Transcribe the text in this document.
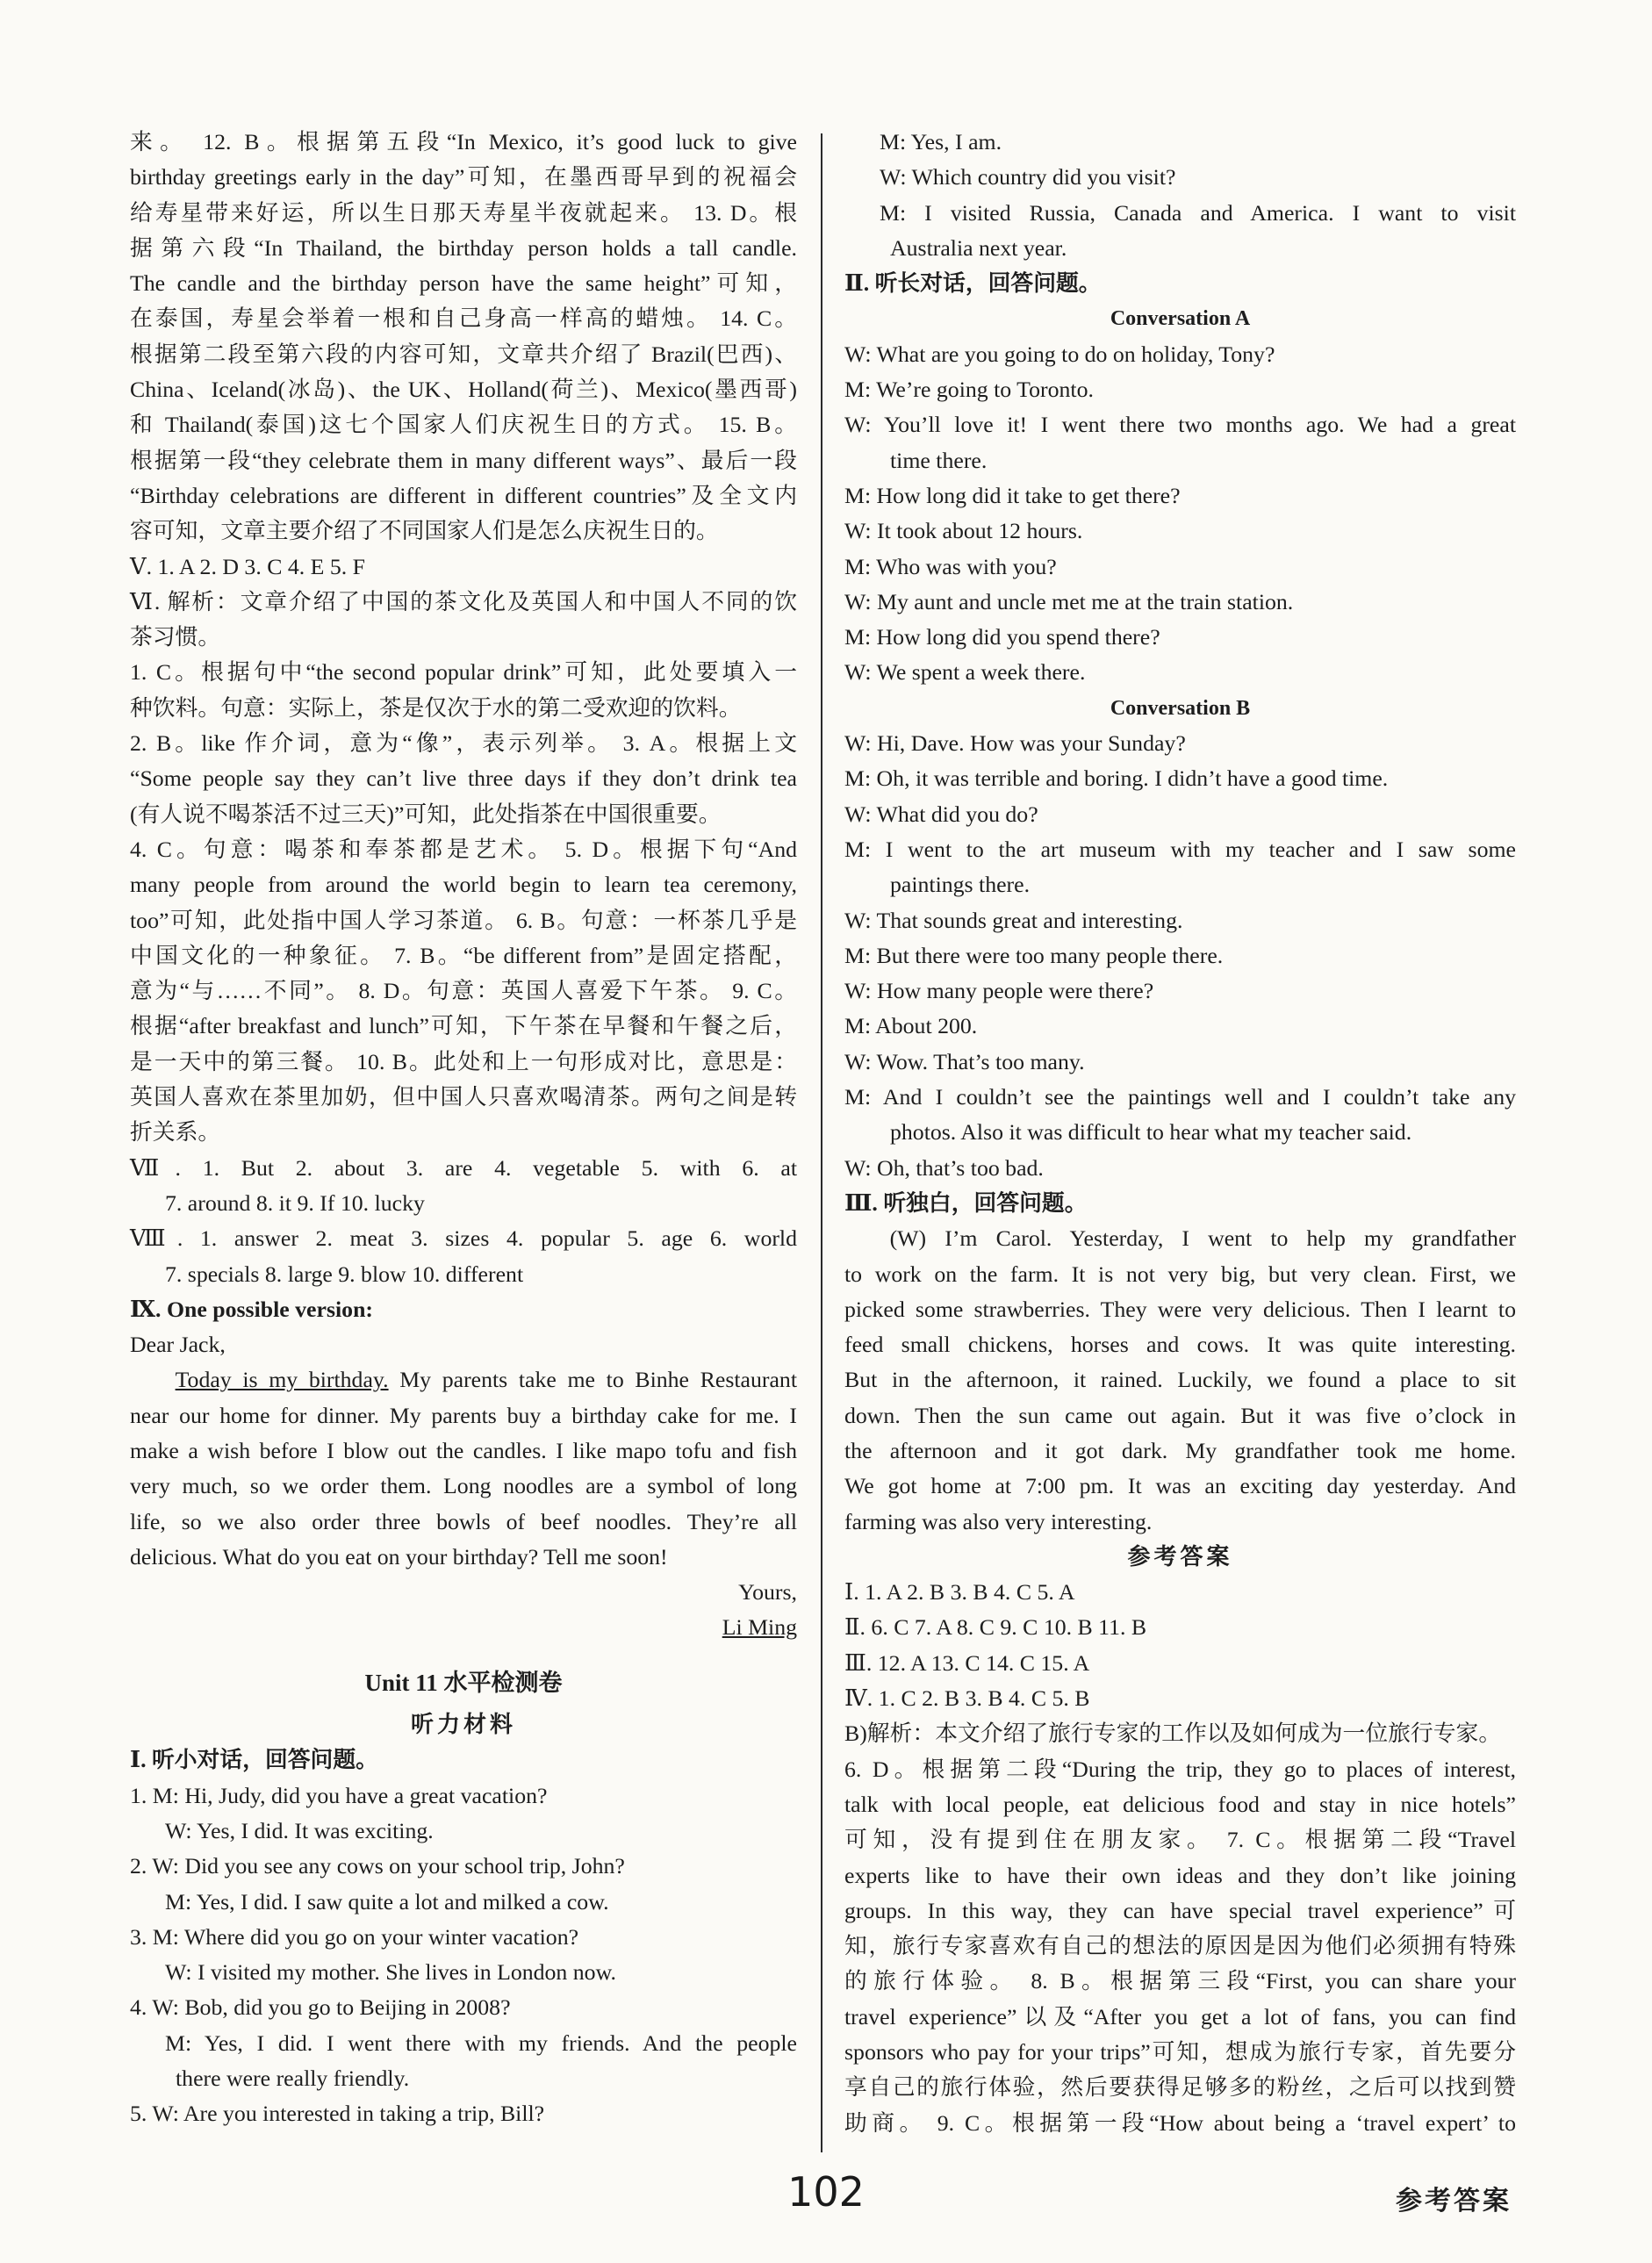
来。 12. B。根据第五段“In Mexico, it’s good luck to give
birthday greetings early in the day”可知，在墨西哥早到的祝福会
给寿星带来好运，所以生日那天寿星半夜就起来。 13. D。根
据第六段“In Thailand, the birthday person holds a tall candle.
The candle and the birthday person have the same height”可知，
在泰国，寿星会举着一根和自己身高一样高的蜡烛。 14. C。
根据第二段至第六段的内容可知，文章共介绍了 Brazil(巴西)、
China、Iceland(冰岛)、the UK、Holland(荷兰)、Mexico(墨西哥)
和 Thailand(泰国)这七个国家人们庆祝生日的方式。 15. B。
根据第一段“they celebrate them in many different ways”、最后一段
“Birthday celebrations are different in different countries”及全文内
容可知，文章主要介绍了不同国家人们是怎么庆祝生日的。
Ⅴ. 1. A 2. D 3. C 4. E 5. F
Ⅵ. 解析：文章介绍了中国的茶文化及英国人和中国人不同的饮
茶习惯。
1. C。根据句中“the second popular drink”可知，此处要填入一
种饮料。句意：实际上，茶是仅次于水的第二受欢迎的饮料。
2. B。like 作介词，意为“像”，表示列举。 3. A。根据上文
“Some people say they can’t live three days if they don’t drink tea
(有人说不喝茶活不过三天)”可知，此处指茶在中国很重要。
4. C。句意：喝茶和奉茶都是艺术。 5. D。根据下句“And
many people from around the world begin to learn tea ceremony,
too”可知，此处指中国人学习茶道。 6. B。句意：一杯茶几乎是
中国文化的一种象征。 7. B。“be different from”是固定搭配，
意为“与……不同”。 8. D。句意：英国人喜爱下午茶。 9. C。
根据“after breakfast and lunch”可知，下午茶在早餐和午餐之后，
是一天中的第三餐。 10. B。此处和上一句形成对比，意思是：
英国人喜欢在茶里加奶，但中国人只喜欢喝清茶。两句之间是转
折关系。
Ⅶ. 1. But 2. about 3. are 4. vegetable 5. with 6. at
7. around 8. it 9. If 10. lucky
Ⅷ. 1. answer 2. meat 3. sizes 4. popular 5. age 6. world
7. specials 8. large 9. blow 10. different
Ⅸ. One possible version:
Dear Jack,
Today is my birthday. My parents take me to Binhe Restaurant
near our home for dinner. My parents buy a birthday cake for me. I
make a wish before I blow out the candles. I like mapo tofu and fish
very much, so we order them. Long noodles are a symbol of long
life, so we also order three bowls of beef noodles. They’re all
delicious. What do you eat on your birthday? Tell me soon!
Yours,
Li Ming
Unit 11 水平检测卷
听力材料
Ⅰ. 听小对话，回答问题。
1. M: Hi, Judy, did you have a great vacation?
W: Yes, I did. It was exciting.
2. W: Did you see any cows on your school trip, John?
M: Yes, I did. I saw quite a lot and milked a cow.
3. M: Where did you go on your winter vacation?
W: I visited my mother. She lives in London now.
4. W: Bob, did you go to Beijing in 2008?
M: Yes, I did. I went there with my friends. And the people
there were really friendly.
5. W: Are you interested in taking a trip, Bill?
M: Yes, I am.
W: Which country did you visit?
M: I visited Russia, Canada and America. I want to visit
Australia next year.
Ⅱ. 听长对话，回答问题。
Conversation A
W: What are you going to do on holiday, Tony?
M: We’re going to Toronto.
W: You’ll love it! I went there two months ago. We had a great
time there.
M: How long did it take to get there?
W: It took about 12 hours.
M: Who was with you?
W: My aunt and uncle met me at the train station.
M: How long did you spend there?
W: We spent a week there.
Conversation B
W: Hi, Dave. How was your Sunday?
M: Oh, it was terrible and boring. I didn’t have a good time.
W: What did you do?
M: I went to the art museum with my teacher and I saw some
paintings there.
W: That sounds great and interesting.
M: But there were too many people there.
W: How many people were there?
M: About 200.
W: Wow. That’s too many.
M: And I couldn’t see the paintings well and I couldn’t take any
photos. Also it was difficult to hear what my teacher said.
W: Oh, that’s too bad.
Ⅲ. 听独白，回答问题。
(W) I’m Carol. Yesterday, I went to help my grandfather
to work on the farm. It is not very big, but very clean. First, we
picked some strawberries. They were very delicious. Then I learnt to
feed small chickens, horses and cows. It was quite interesting.
But in the afternoon, it rained. Luckily, we found a place to sit
down. Then the sun came out again. But it was five o’clock in
the afternoon and it got dark. My grandfather took me home.
We got home at 7:00 pm. It was an exciting day yesterday. And
farming was also very interesting.
参考答案
Ⅰ. 1. A 2. B 3. B 4. C 5. A
Ⅱ. 6. C 7. A 8. C 9. C 10. B 11. B
Ⅲ. 12. A 13. C 14. C 15. A
Ⅳ. 1. C 2. B 3. B 4. C 5. B
B)解析：本文介绍了旅行专家的工作以及如何成为一位旅行专家。
6. D。根据第二段“During the trip, they go to places of interest,
talk with local people, eat delicious food and stay in nice hotels”
可知，没有提到住在朋友家。 7. C。根据第二段“Travel
experts like to have their own ideas and they don’t like joining
groups. In this way, they can have special travel experience”可
知，旅行专家喜欢有自己的想法的原因是因为他们必须拥有特殊
的旅行体验。 8. B。根据第三段“First, you can share your
travel experience”以及“After you get a lot of fans, you can find
sponsors who pay for your trips”可知，想成为旅行专家，首先要分
享自己的旅行体验，然后要获得足够多的粉丝，之后可以找到赞
助商。 9. C。根据第一段“How about being a ‘travel expert’ to
102	参考答案
